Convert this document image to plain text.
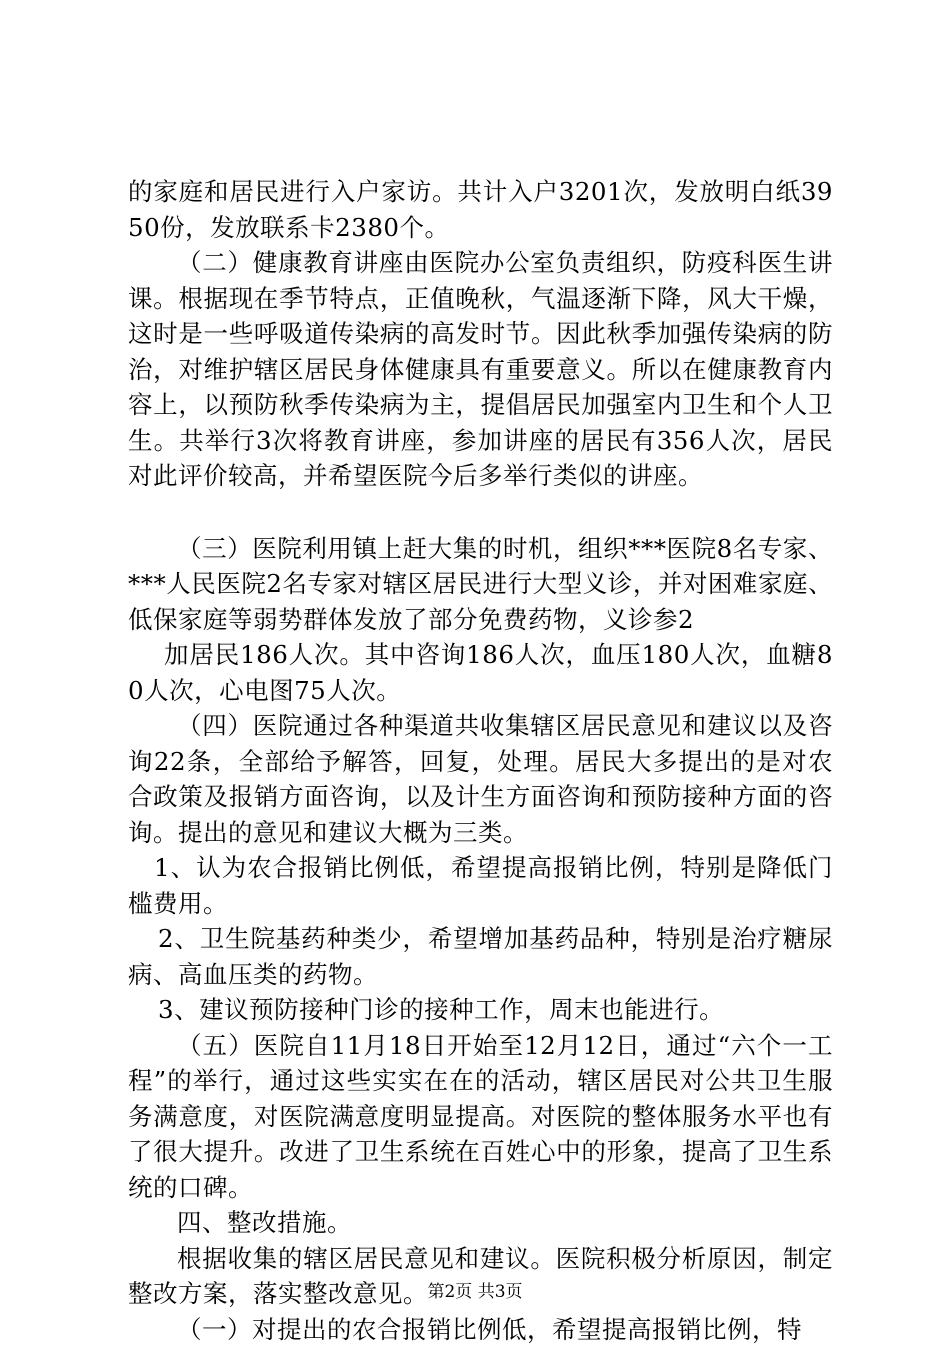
的家庭和居民进行入户家访。共计入户3201次，发放明白纸3950份，发放联系卡2380个。

（二）健康教育讲座由医院办公室负责组织，防疫科医生讲课。根据现在季节特点，正值晚秋，气温逐渐下降，风大干燥，这时是一些呼吸道传染病的高发时节。因此秋季加强传染病的防治，对维护辖区居民身体健康具有重要意义。所以在健康教育内容上，以预防秋季传染病为主，提倡居民加强室内卫生和个人卫生。共举行3次将教育讲座，参加讲座的居民有356人次，居民对此评价较高，并希望医院今后多举行类似的讲座。

（三）医院利用镇上赶大集的时机，组织***医院8名专家、***人民医院2名专家对辖区居民进行大型义诊，并对困难家庭、低保家庭等弱势群体发放了部分免费药物，义诊参2

加居民186人次。其中咨询186人次，血压180人次，血糖80人次，心电图75人次。

（四）医院通过各种渠道共收集辖区居民意见和建议以及咨询22条，全部给予解答，回复，处理。居民大多提出的是对农合政策及报销方面咨询，以及计生方面咨询和预防接种方面的咨询。提出的意见和建议大概为三类。

1、认为农合报销比例低，希望提高报销比例，特别是降低门槛费用。

2、卫生院基药种类少，希望增加基药品种，特别是治疗糖尿病、高血压类的药物。

3、建议预防接种门诊的接种工作，周末也能进行。

（五）医院自11月18日开始至12月12日，通过“六个一工程”的举行，通过这些实实在在的活动，辖区居民对公共卫生服务满意度，对医院满意度明显提高。对医院的整体服务水平也有了很大提升。改进了卫生系统在百姓心中的形象，提高了卫生系统的口碑。

四、整改措施。

根据收集的辖区居民意见和建议。医院积极分析原因，制定整改方案，落实整改意见。

（一）对提出的农合报销比例低，希望提高报销比例，特

第2页 共3页
